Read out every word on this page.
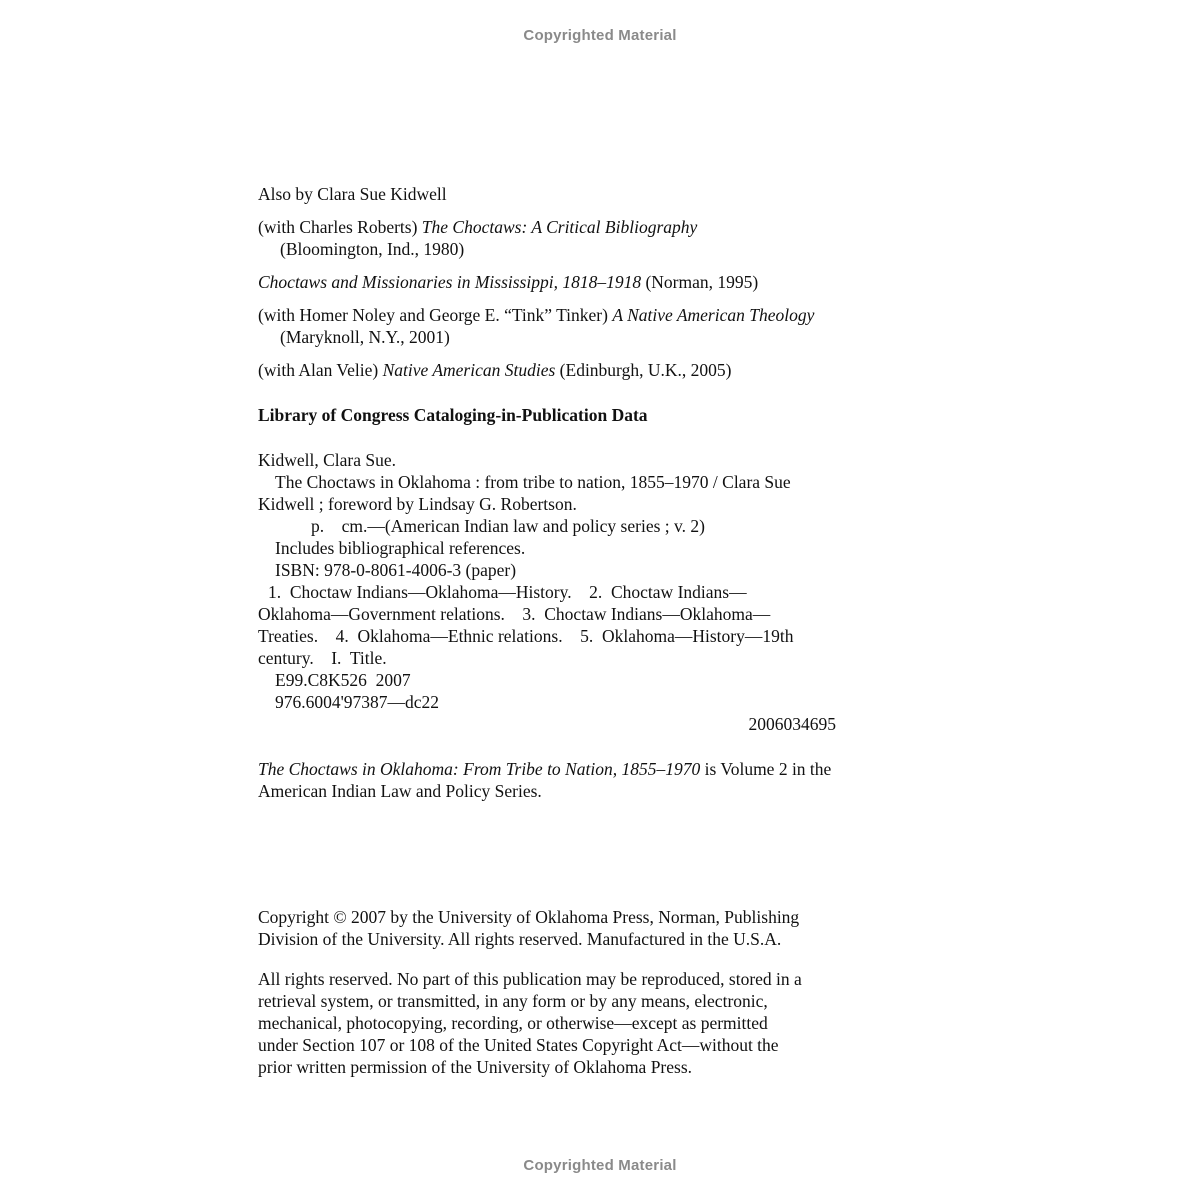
Copyrighted Material

Also by Clara Sue Kidwell

(with Charles Roberts) The Choctaws: A Critical Bibliography

(Bloomington, Ind., 1980)

Choctaws and Missionaries in Mississippi, 1818–1918 (Norman, 1995)

(with Homer Noley and George E. “Tink” Tinker) A Native American Theology

(Maryknoll, N.Y., 2001)

(with Alan Velie) Native American Studies (Edinburgh, U.K., 2005)

Library of Congress Cataloging-in-Publication Data

Kidwell, Clara Sue.

The Choctaws in Oklahoma : from tribe to nation, 1855–1970 / Clara Sue

Kidwell ; foreword by Lindsay G. Robertson.

p.    cm.—(American Indian law and policy series ; v. 2)

Includes bibliographical references.

ISBN: 978-0-8061-4006-3 (paper)

1.  Choctaw Indians—Oklahoma—History.    2.  Choctaw Indians—

Oklahoma—Government relations.    3.  Choctaw Indians—Oklahoma—

Treaties.    4.  Oklahoma—Ethnic relations.    5.  Oklahoma—History—19th

century.    I.  Title.

E99.C8K526  2007

976.6004'97387—dc22

2006034695

The Choctaws in Oklahoma: From Tribe to Nation, 1855–1970 is Volume 2 in the

American Indian Law and Policy Series.

Copyright © 2007 by the University of Oklahoma Press, Norman, Publishing

Division of the University. All rights reserved. Manufactured in the U.S.A.

All rights reserved. No part of this publication may be reproduced, stored in a

retrieval system, or transmitted, in any form or by any means, electronic,

mechanical, photocopying, recording, or otherwise—except as permitted

under Section 107 or 108 of the United States Copyright Act—without the

prior written permission of the University of Oklahoma Press.

Copyrighted Material
